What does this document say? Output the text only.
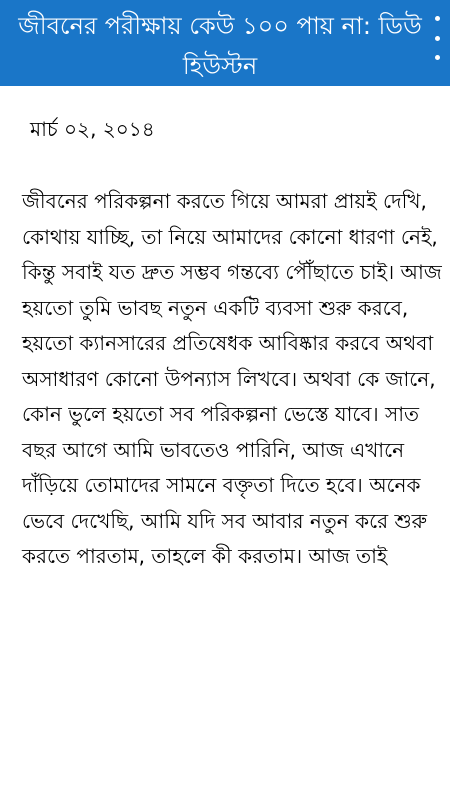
জীবনের পরীক্ষায় কেউ ১০০ পায় না: ডিউ হিউস্টন

মার্চ ০২, ২০১৪

জীবনের পরিকল্পনা করতে গিয়ে আমরা প্রায়ই দেখি, কোথায় যাচ্ছি, তা নিয়ে আমাদের কোনো ধারণা নেই, কিন্তু সবাই যত দ্রুত সম্ভব গন্তব্যে পৌঁছাতে চাই। আজ হয়তো তুমি ভাবছ নতুন একটি ব্যবসা শুরু করবে, হয়তো ক্যানসারের প্রতিষেধক আবিষ্কার করবে অথবা অসাধারণ কোনো উপন্যাস লিখবে। অথবা কে জানে, কোন ভুলে হয়তো সব পরিকল্পনা ভেস্তে যাবে। সাত বছর আগে আমি ভাবতেও পারিনি, আজ এখানে দাঁড়িয়ে তোমাদের সামনে বক্তৃতা দিতে হবে। অনেক ভেবে দেখেছি, আমি যদি সব আবার নতুন করে শুরু করতে পারতাম, তাহলে কী করতাম। আজ তাই
